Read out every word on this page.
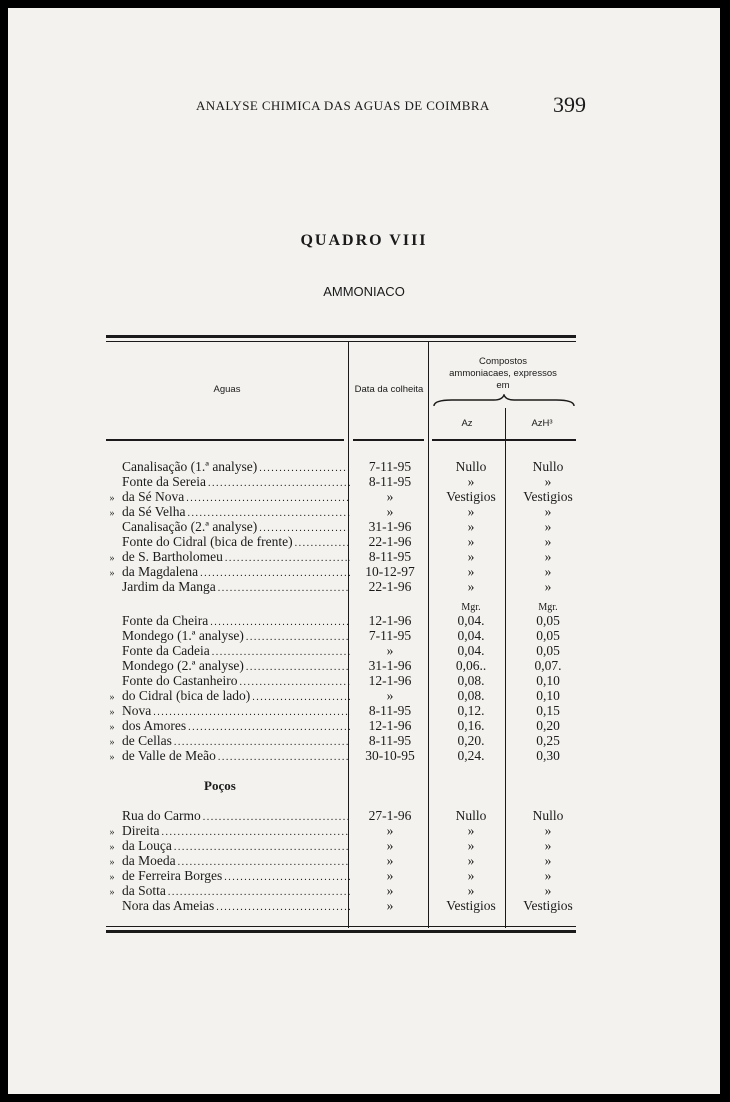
ANALYSE CHIMICA DAS AGUAS DE COIMBRA	399
QUADRO VIII
AMMONIACO
Aguas	Data da colheita
Compostos ammoniacaes, expressos em
Az	AzH³
Canalisação (1.ª analyse) . . .	7-11-95	Nullo	Nullo
Fonte da Sereia . . .	8-11-95	»	»
» da Sé Nova . . .	»	Vestigios	Vestigios
» da Sé Velha . . .	»	»	»
Canalisação (2.ª analyse) . . .	31-1-96	»	»
Fonte do Cidral (bica de frente) . . .	22-1-96	»	»
» de S. Bartholomeu . . .	8-11-95	»	»
» da Magdalena . . .	10-12-97	»	»
Jardim da Manga . . .	22-1-96	»	»
Mgr.	Mgr.
Fonte da Cheira . . .	12-1-96	0,04.	0,05
Mondego (1.ª analyse) . . .	7-11-95	0,04.	0,05
Fonte da Cadeia . . .	»	0,04.	0,05
Mondego (2.ª analyse) . . .	31-1-96	0,06..	0,07.
Fonte do Castanheiro . . .	12-1-96	0,08.	0,10
» do Cidral (bica de lado) . . .	»	0,08.	0,10
» Nova . . .	8-11-95	0,12.	0,15
» dos Amores . . .	12-1-96	0,16.	0,20
» de Cellas . . .	8-11-95	0,20.	0,25
» de Valle de Meão . . .	30-10-95	0,24.	0,30
Poços
Rua do Carmo . . .	27-1-96	Nullo	Nullo
» Direita . . .	»	»	»
» da Louça . . .	»	»	»
» da Moeda . . .	»	»	»
» de Ferreira Borges . . .	»	»	»
» da Sotta . . .	»	»	»
Nora das Ameias . . .	»	Vestigios	Vestigios
